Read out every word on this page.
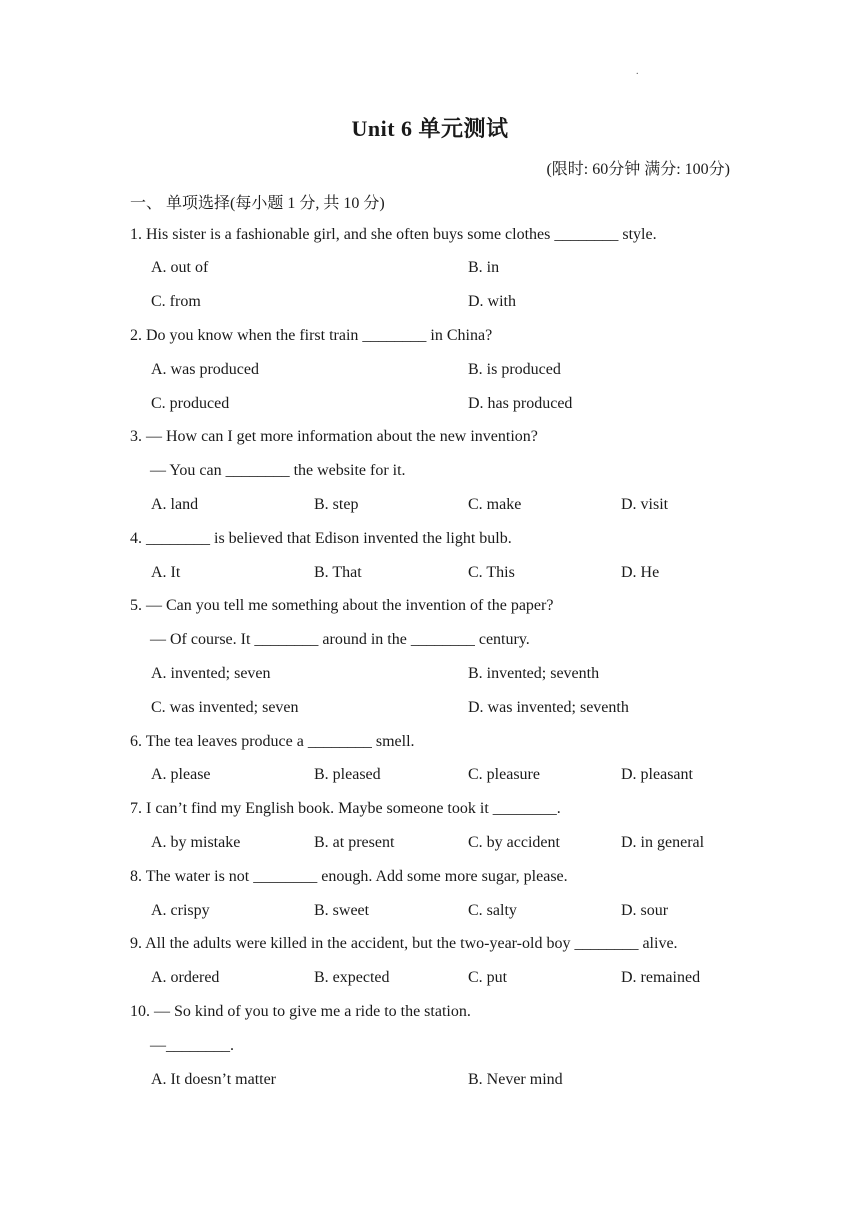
.
Unit 6 单元测试
(限时: 60分钟 满分: 100分)
一、 单项选择(每小题 1 分, 共 10 分)
1. His sister is a fashionable girl, and she often buys some clothes ________ style.
A. out of	B. in
C. from	D. with
2. Do you know when the first train ________ in China?
A. was produced	B. is produced
C. produced	D. has produced
3. — How can I get more information about the new invention?
— You can ________ the website for it.
A. land	B. step	C. make	D. visit
4. ________ is believed that Edison invented the light bulb.
A. It	B. That	C. This	D. He
5. — Can you tell me something about the invention of the paper?
— Of course. It ________ around in the ________ century.
A. invented; seven	B. invented; seventh
C. was invented; seven	D. was invented; seventh
6. The tea leaves produce a ________ smell.
A. please	B. pleased	C. pleasure	D. pleasant
7. I can’t find my English book. Maybe someone took it ________.
A. by mistake	B. at present	C. by accident	D. in general
8. The water is not ________ enough. Add some more sugar, please.
A. crispy	B. sweet	C. salty	D. sour
9. All the adults were killed in the accident, but the two-year-old boy ________ alive.
A. ordered	B. expected	C. put	D. remained
10. — So kind of you to give me a ride to the station.
—________.
A. It doesn’t matter	B. Never mind
